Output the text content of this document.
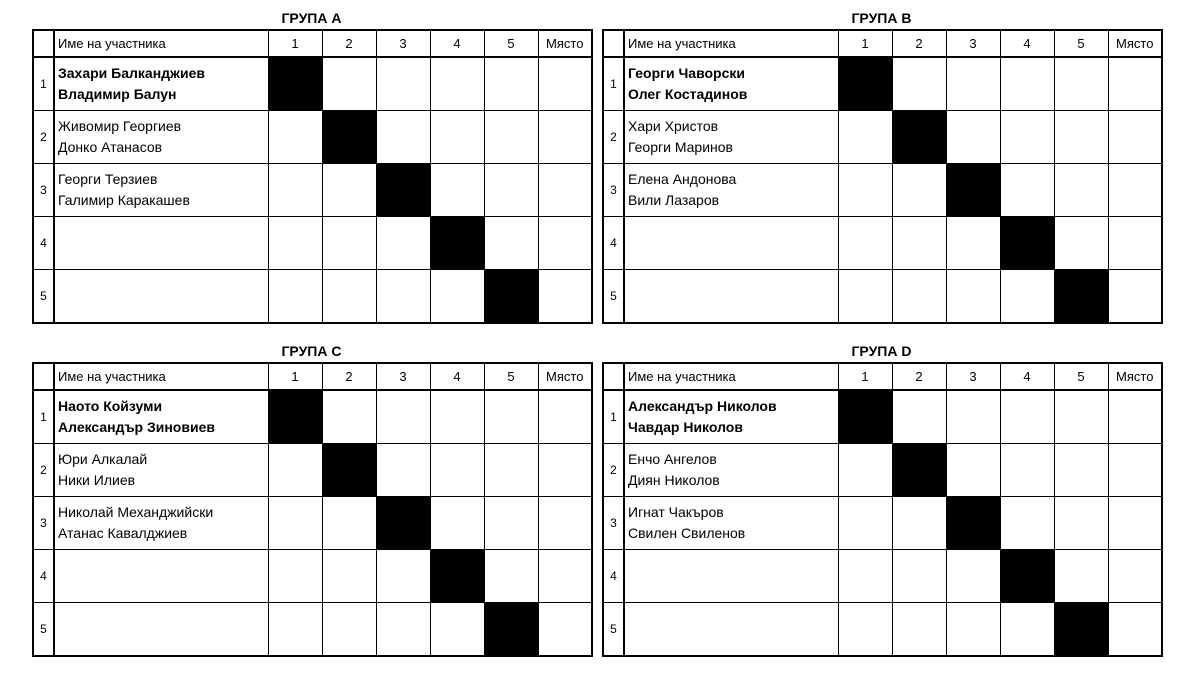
ГРУПА А
	Име на участника	1	2	3	4	5	Място
1	Захари Балканджиев
Владимир Балун						

2	Живомир Георгиев
Донко Атанасов						

3	Георги Терзиев
Галимир Каракашев						

4	

5	

ГРУПА В
	Име на участника	1	2	3	4	5	Място
1	Георги Чаворски
Олег Костадинов						

2	Хари Христов
Георги Маринов						

3	Елена Андонова
Вили Лазаров						

4	

5	

ГРУПА С
	Име на участника	1	2	3	4	5	Място
1	Наото Койзуми
Александър Зиновиев						

2	Юри Алкалай
Ники Илиев						

3	Николай Механджийски
Атанас Кавалджиев						

4	

5	

ГРУПА D
	Име на участника	1	2	3	4	5	Място
1	Александър Николов
Чавдар Николов						

2	Енчо Ангелов
Диян Николов						

3	Игнат Чакъров
Свилен Свиленов						

4	

5	
